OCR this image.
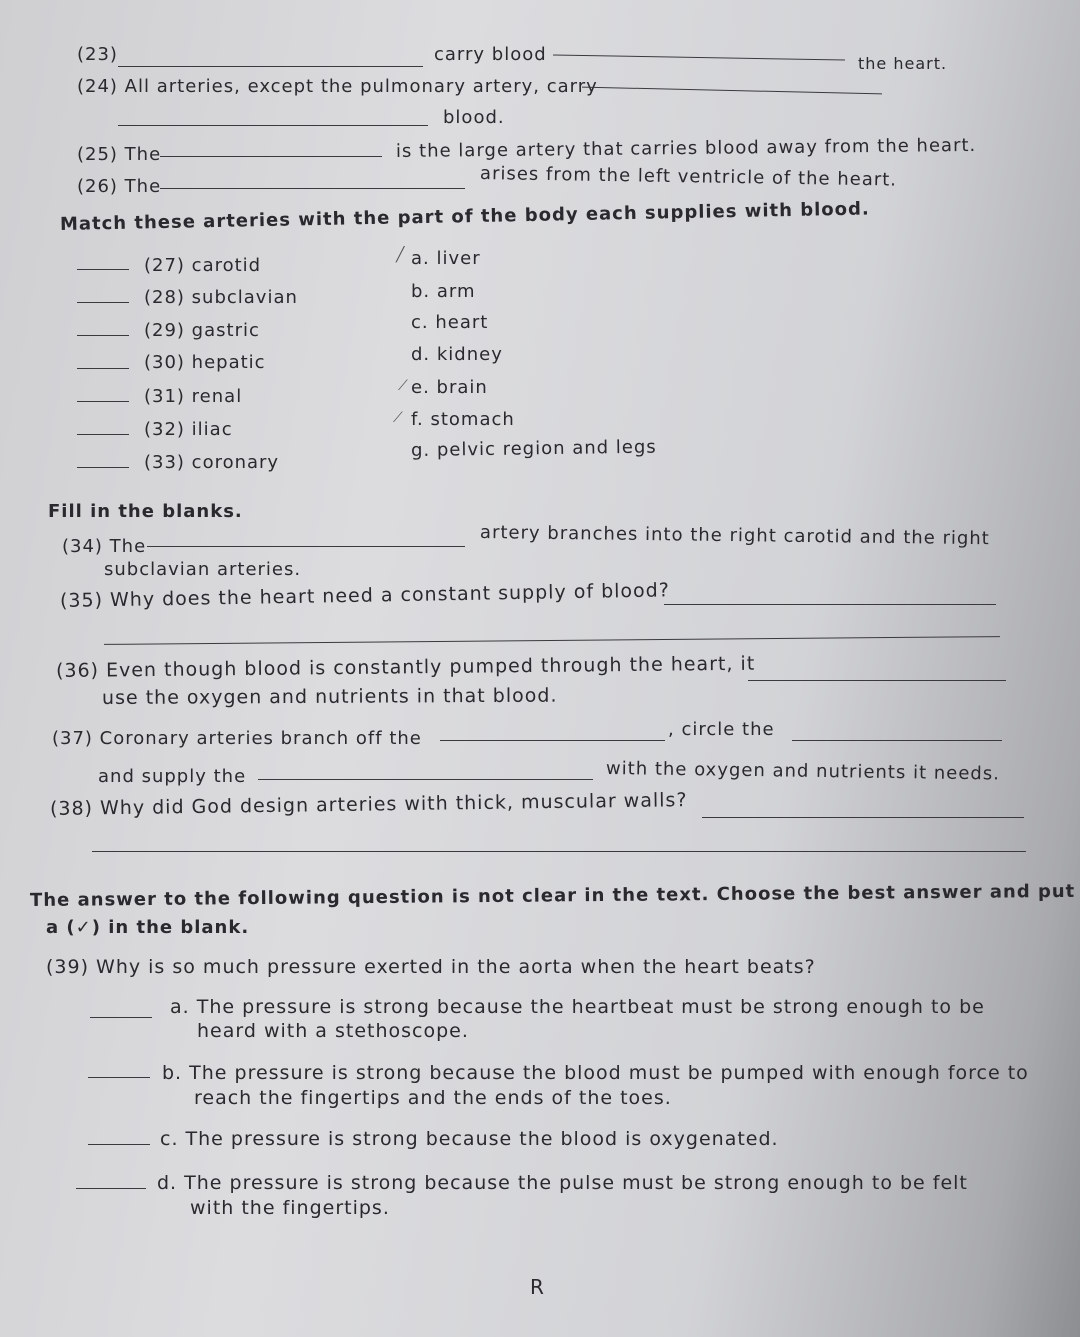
(23)	carry blood	the heart.
(24) All arteries, except the pulmonary artery, carry
blood.
(25) The	is the large artery that carries blood away from the heart.
(26) The	arises from the left ventricle of the heart.
Match these arteries with the part of the body each supplies with blood.
(27) carotid
(28) subclavian
(29) gastric
(30) hepatic
(31) renal
(32) iliac
(33) coronary
╱ a. liver
b. arm
c. heart
d. kidney
⟋ e. brain
⟋ f. stomach
g. pelvic region and legs
Fill in the blanks.
(34) The	artery branches into the right carotid and the right
subclavian arteries.
(35) Why does the heart need a constant supply of blood?
(36) Even though blood is constantly pumped through the heart, it
use the oxygen and nutrients in that blood.
(37) Coronary arteries branch off the	, circle the
and supply the	with the oxygen and nutrients it needs.
(38) Why did God design arteries with thick, muscular walls?
The answer to the following question is not clear in the text. Choose the best answer and put
a (✓) in the blank.
(39) Why is so much pressure exerted in the aorta when the heart beats?
a. The pressure is strong because the heartbeat must be strong enough to be
heard with a stethoscope.
b. The pressure is strong because the blood must be pumped with enough force to
reach the fingertips and the ends of the toes.
c. The pressure is strong because the blood is oxygenated.
d. The pressure is strong because the pulse must be strong enough to be felt
with the fingertips.
R
